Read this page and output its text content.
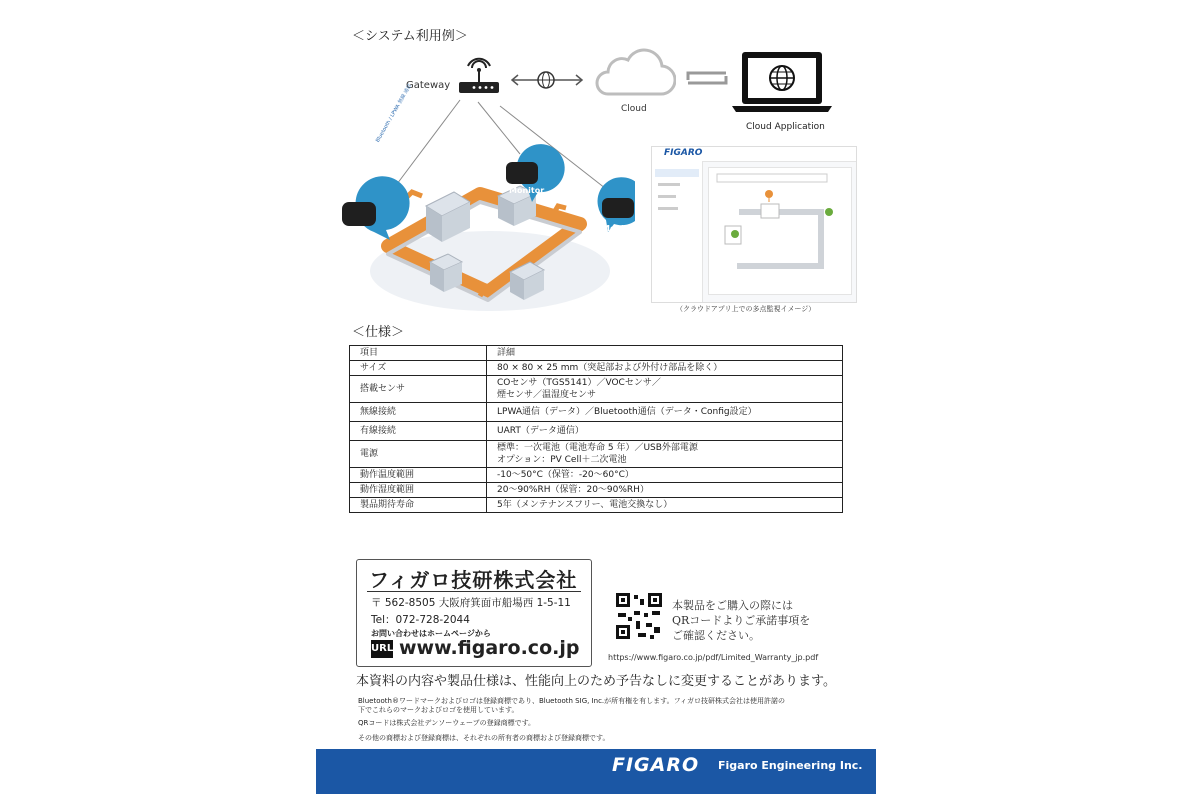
＜システム利用例＞
Gateway
Cloud
Cloud Application
Monitor
Monitor
Monitor
Bluetooth / LPWA 無線 通信
FIGARO
（クラウドアプリ上での多点監視イメージ）
＜仕様＞
項目	詳細
サイズ	80 × 80 × 25 mm（突起部および外付け部品を除く）
搭載センサ	COセンサ（TGS5141）／VOCセンサ／
煙センサ／温湿度センサ
無線接続	LPWA通信（データ）／Bluetooth通信（データ・Config設定）
有線接続	UART（データ通信）
電源	標準：一次電池（電池寿命 5 年）／USB外部電源
オプション：PV Cell＋二次電池
動作温度範囲	-10～50°C（保管：-20～60°C）
動作湿度範囲	20～90%RH（保管：20～90%RH）
製品期待寿命	5年（メンテナンスフリー、電池交換なし）
フィガロ技研株式会社
〒 562-8505 大阪府箕面市船場西 1-5-11
Tel：072-728-2044
お問い合わせはホームページから
URL www.figaro.co.jp
本製品をご購入の際には
QRコードよりご承諾事項を
ご確認ください。
https://www.figaro.co.jp/pdf/Limited_Warranty_jp.pdf
本資料の内容や製品仕様は、性能向上のため予告なしに変更することがあります。
Bluetooth®ワードマークおよびロゴは登録商標であり、Bluetooth SIG, Inc.が所有権を有します。フィガロ技研株式会社は使用許諾の
下でこれらのマークおよびロゴを使用しています。
QRコードは株式会社デンソーウェーブの登録商標です。
その他の商標および登録商標は、それぞれの所有者の商標および登録商標です。
FIGARO Figaro Engineering Inc.
